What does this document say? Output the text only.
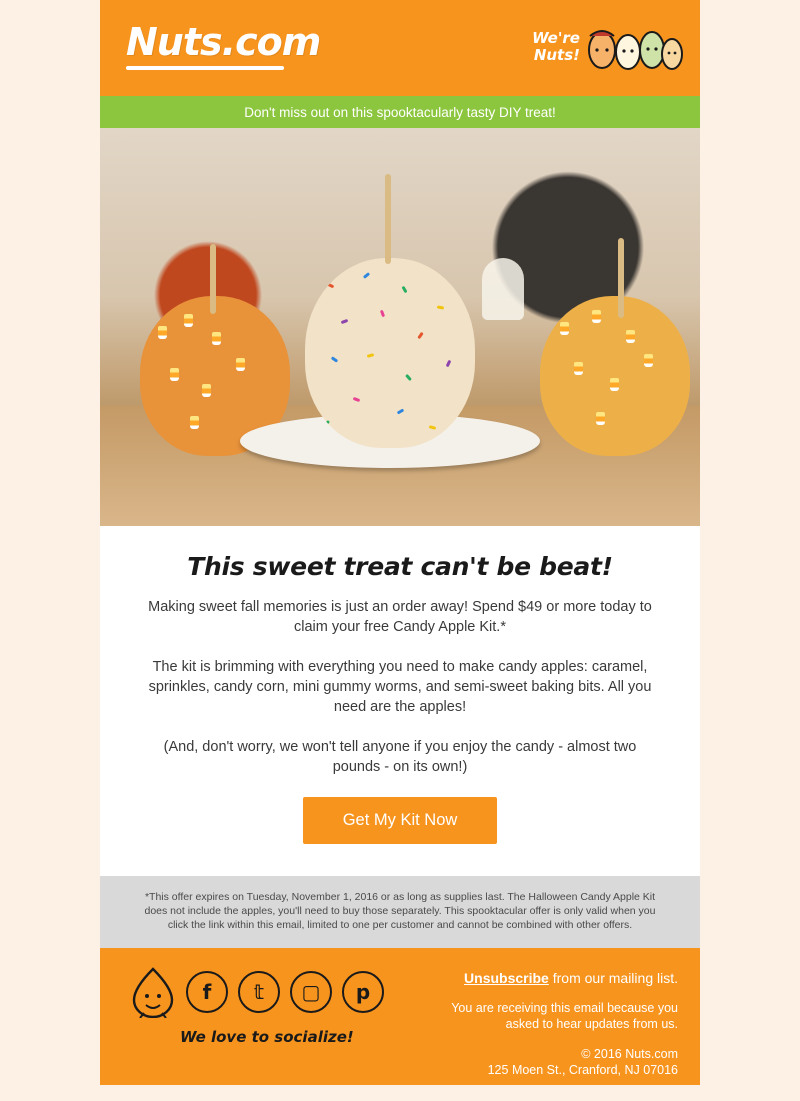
Nuts.com	We're
Nuts!
Don't miss out on this spooktacularly tasty DIY treat!
This sweet treat can't be beat!

Making sweet fall memories is just an order away! Spend $49 or more today to claim your free Candy Apple Kit.*

The kit is brimming with everything you need to make candy apples: caramel, sprinkles, candy corn, mini gummy worms, and semi-sweet baking bits. All you need are the apples!

(And, don't worry, we won't tell anyone if you enjoy the candy - almost two pounds - on its own!)

Get My Kit Now
*This offer expires on Tuesday, November 1, 2016 or as long as supplies last. The Halloween Candy Apple Kit does not include the apples, you'll need to buy those separately. This spooktacular offer is only valid when you click the link within this email, limited to one per customer and cannot be combined with other offers.
f	𝕥	▢	p
We love to socialize!
Unsubscribe from our mailing list.
You are receiving this email because you asked to hear updates from us.
© 2016 Nuts.com
125 Moen St., Cranford, NJ 07016
